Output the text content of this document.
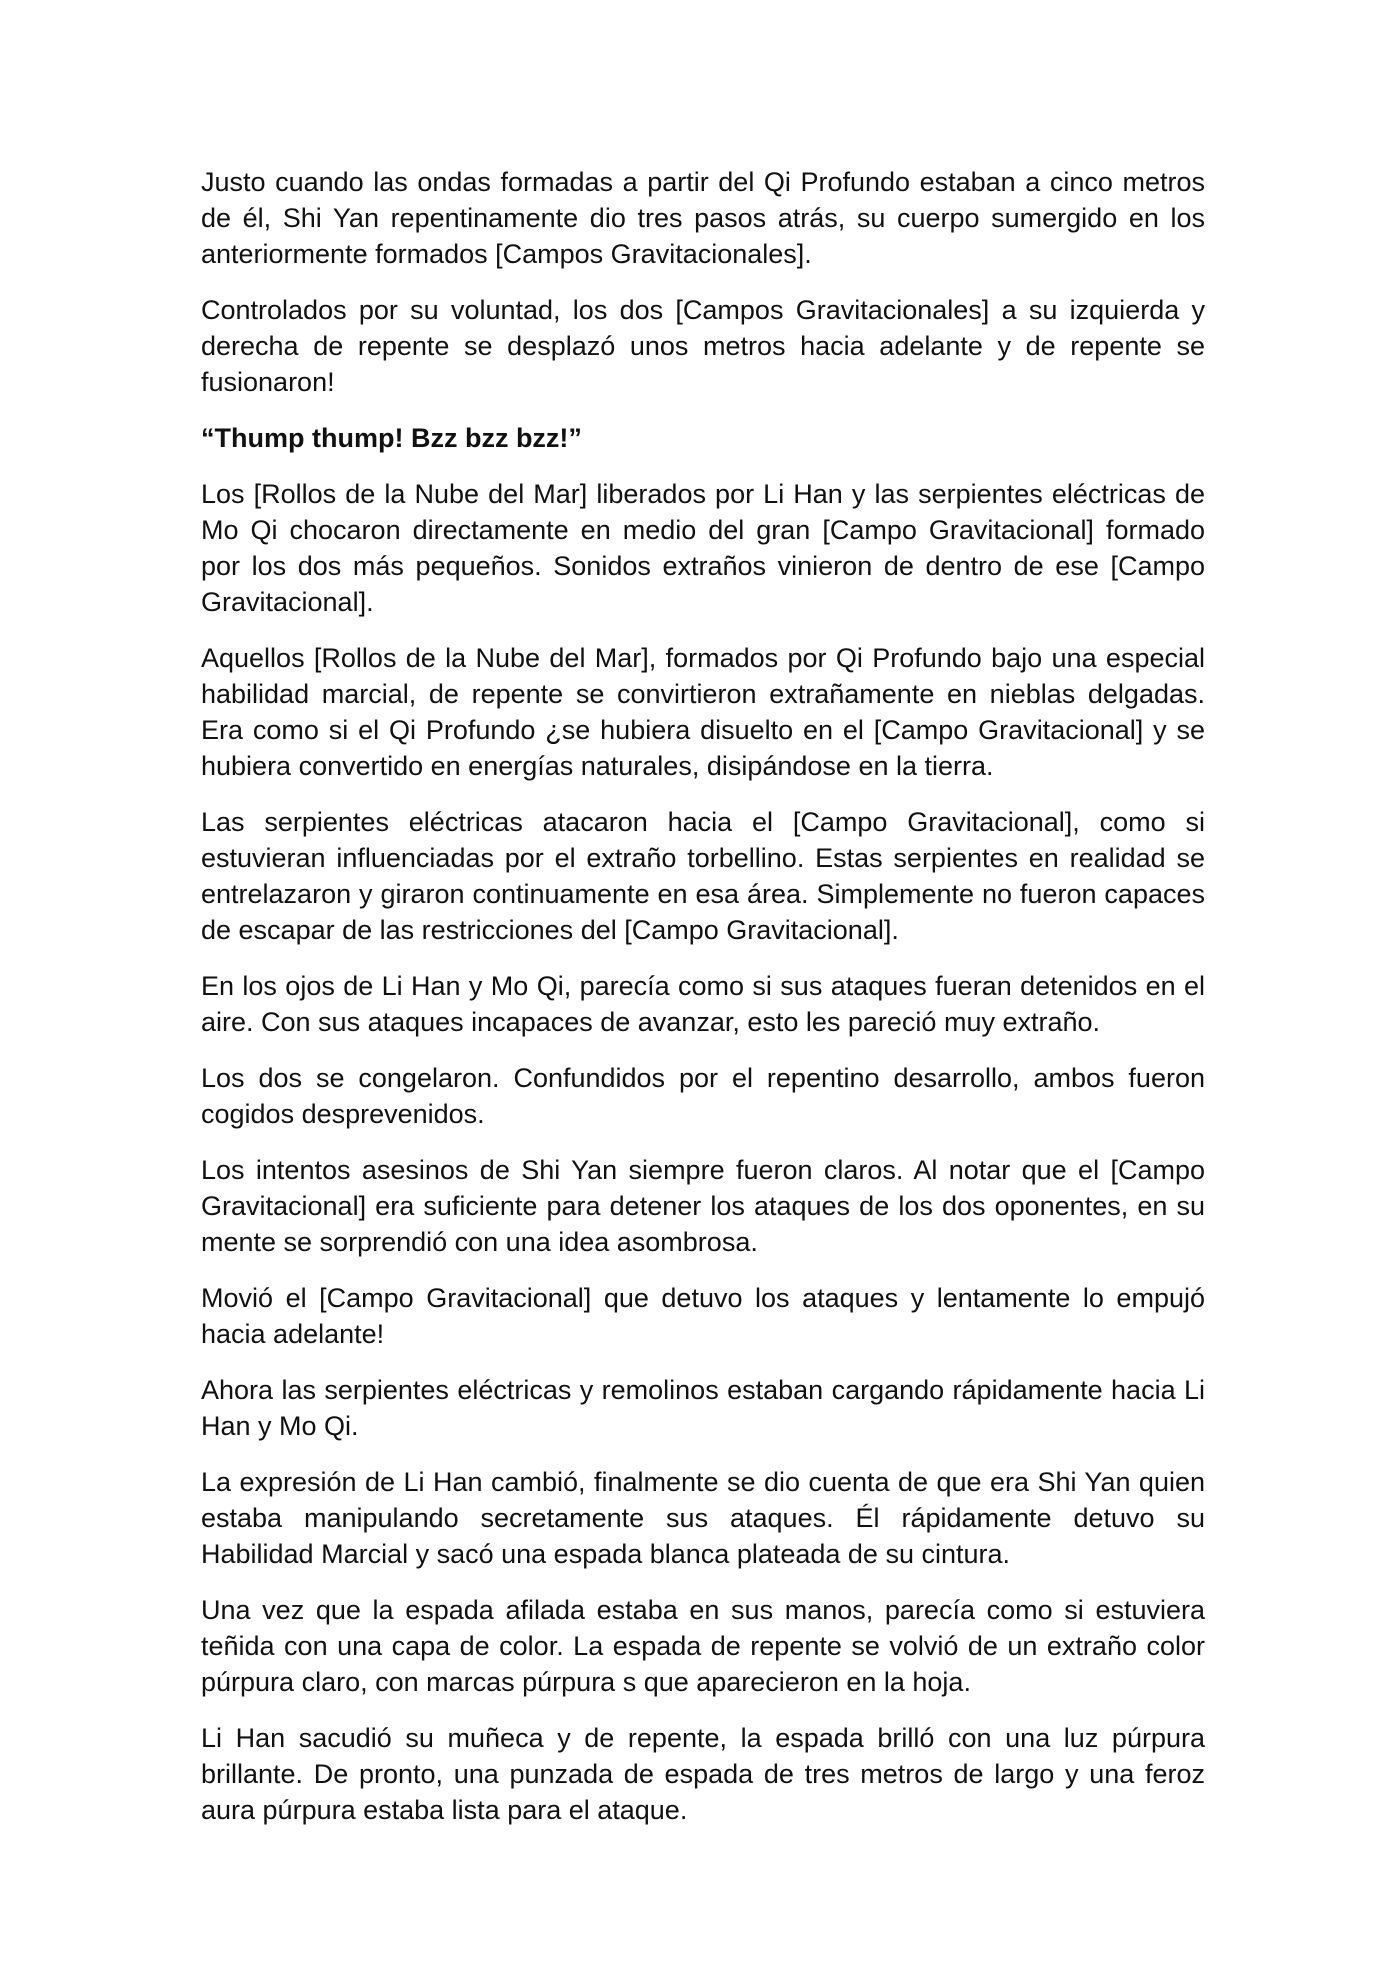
Justo cuando las ondas formadas a partir del Qi Profundo estaban a cinco metros de él, Shi Yan repentinamente dio tres pasos atrás, su cuerpo sumergido en los anteriormente formados [Campos Gravitacionales].

Controlados por su voluntad, los dos [Campos Gravitacionales] a su izquierda y derecha de repente se desplazó unos metros hacia adelante y de repente se fusionaron!

“Thump thump! Bzz bzz bzz!”

Los [Rollos de la Nube del Mar] liberados por Li Han y las serpientes eléctricas de Mo Qi chocaron directamente en medio del gran [Campo Gravitacional] formado por los dos más pequeños. Sonidos extraños vinieron de dentro de ese [Campo Gravitacional].

Aquellos [Rollos de la Nube del Mar], formados por Qi Profundo bajo una especial habilidad marcial, de repente se convirtieron extrañamente en nieblas delgadas. Era como si el Qi Profundo ¿se hubiera disuelto en el [Campo Gravitacional] y se hubiera convertido en energías naturales, disipándose en la tierra.

Las serpientes eléctricas atacaron hacia el [Campo Gravitacional], como si estuvieran influenciadas por el extraño torbellino. Estas serpientes en realidad se entrelazaron y giraron continuamente en esa área. Simplemente no fueron capaces de escapar de las restricciones del [Campo Gravitacional].

En los ojos de Li Han y Mo Qi, parecía como si sus ataques fueran detenidos en el aire. Con sus ataques incapaces de avanzar, esto les pareció muy extraño.

Los dos se congelaron. Confundidos por el repentino desarrollo, ambos fueron cogidos desprevenidos.

Los intentos asesinos de Shi Yan siempre fueron claros. Al notar que el [Campo Gravitacional] era suficiente para detener los ataques de los dos oponentes, en su mente se sorprendió con una idea asombrosa.

Movió el [Campo Gravitacional] que detuvo los ataques y lentamente lo empujó hacia adelante!

Ahora las serpientes eléctricas y remolinos estaban cargando rápidamente hacia Li Han y Mo Qi.

La expresión de Li Han cambió, finalmente se dio cuenta de que era Shi Yan quien estaba manipulando secretamente sus ataques. Él rápidamente detuvo su Habilidad Marcial y sacó una espada blanca plateada de su cintura.

Una vez que la espada afilada estaba en sus manos, parecía como si estuviera teñida con una capa de color. La espada de repente se volvió de un extraño color púrpura claro, con marcas púrpura s que aparecieron en la hoja.

Li Han sacudió su muñeca y de repente, la espada brilló con una luz púrpura brillante. De pronto, una punzada de espada de tres metros de largo y una feroz aura púrpura estaba lista para el ataque.
